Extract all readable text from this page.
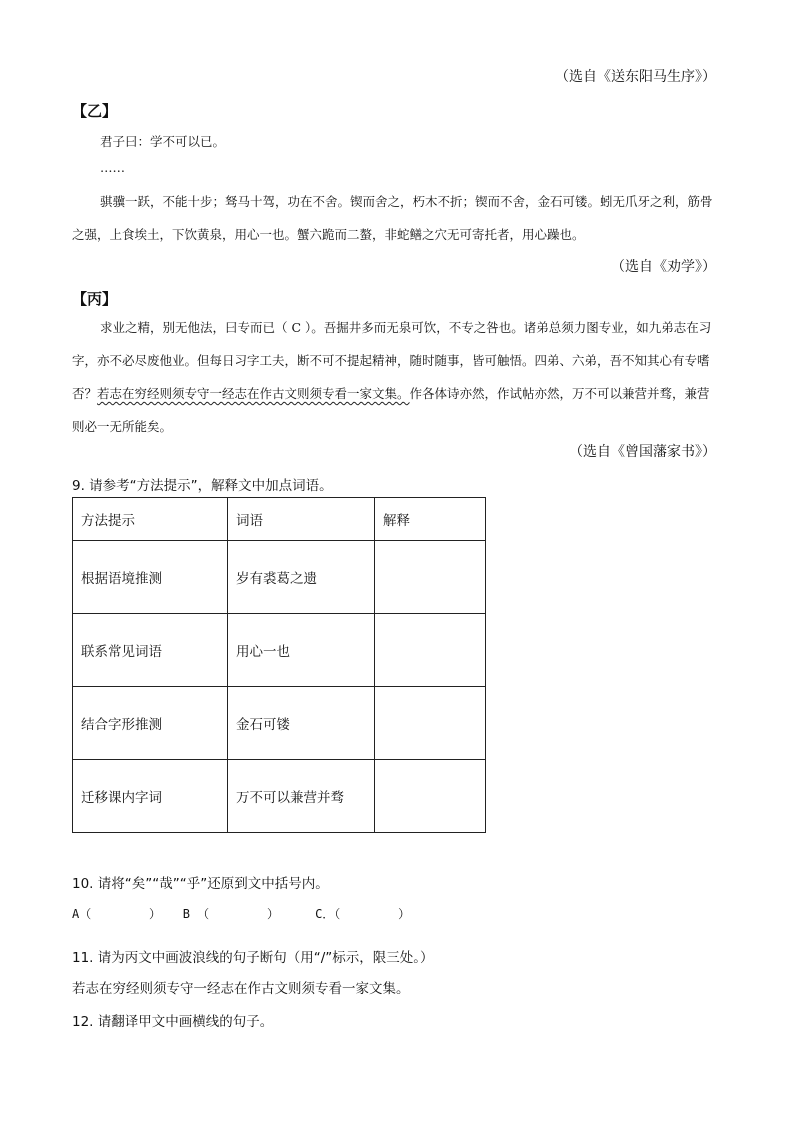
（选自《送东阳马生序》）
【乙】
君子曰：学不可以已。
……
骐骥一跃，不能十步；驽马十驾，功在不舍。锲而舍之，朽木不折；锲而不舍，金石可镂。蚓无爪牙之利，筋骨之强，上食埃土，下饮黄泉，用心一也。蟹六跪而二螯，非蛇鳝之穴无可寄托者，用心躁也。
（选自《劝学》）
【丙】
求业之精，别无他法，曰专而已（ C ）。吾掘井多而无泉可饮，不专之咎也。诸弟总须力图专业，如九弟志在习字，亦不必尽废他业。但每日习字工夫，断不可不提起精神，随时随事，皆可触悟。四弟、六弟，吾不知其心有专嗜否？若志在穷经则须专守一经志在作古文则须专看一家文集。作各体诗亦然，作试帖亦然，万不可以兼营并骛，兼营则必一无所能矣。
（选自《曾国藩家书》）
9. 请参考“方法提示”，解释文中加点词语。
方法提示	词语	解释
根据语境推测	岁有裘葛之遗	
联系常见词语	用心一也	
结合字形推测	金石可镂	
迁移课内字词	万不可以兼营并骛	
10. 请将“矣”“哉”“乎”还原到文中括号内。
A（        ）   B （        ）     C．（        ）
11. 请为丙文中画波浪线的句子断句（用“/”标示，限三处。）
若志在穷经则须专守一经志在作古文则须专看一家文集。
12. 请翻译甲文中画横线的句子。
